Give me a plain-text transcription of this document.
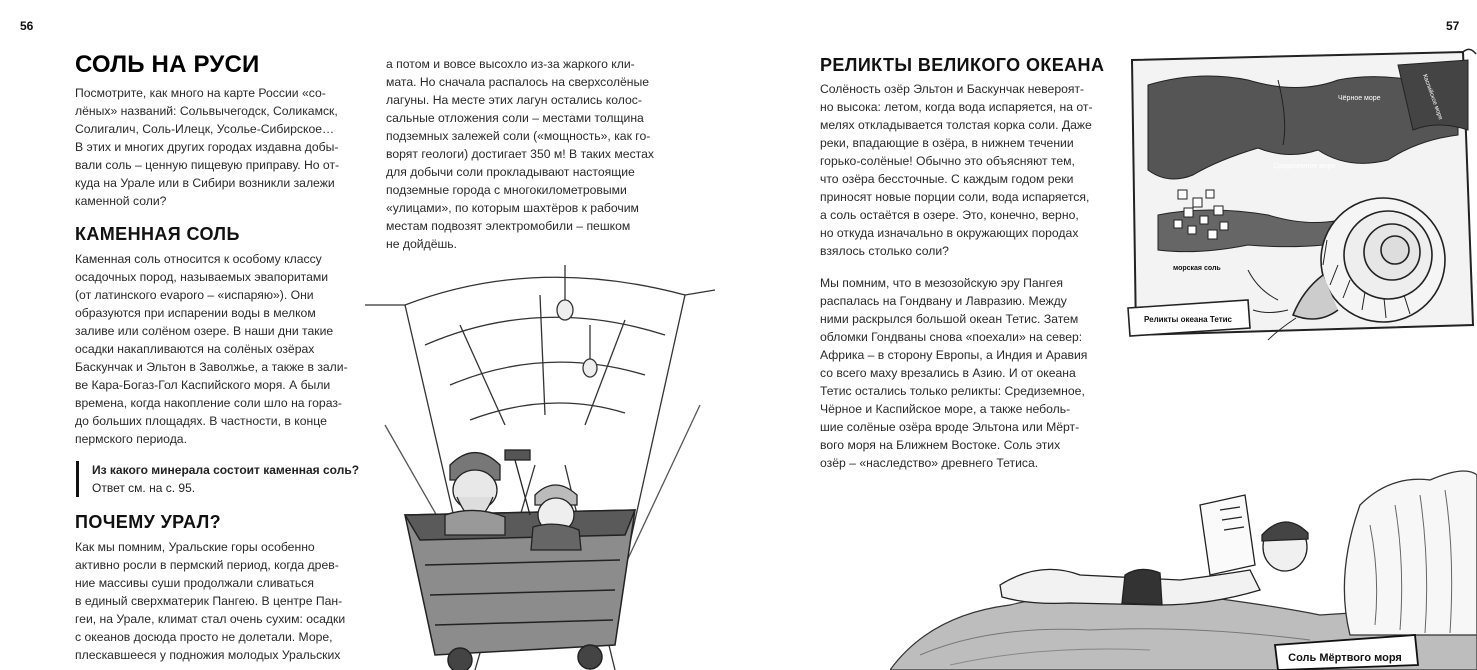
56	57
СОЛЬ НА РУСИ
Посмотрите, как много на карте России «со-
лёных» названий: Сольвычегодск, Соликамск,
Солигалич, Соль-Илецк, Усолье-Сибирское…
В этих и многих других городах издавна добы-
вали соль – ценную пищевую приправу. Но от-
куда на Урале или в Сибири возникли залежи
каменной соли?
КАМЕННАЯ СОЛЬ
Каменная соль относится к особому классу
осадочных пород, называемых эвапоритами
(от латинского evaporo – «испаряю»). Они
образуются при испарении воды в мелком
заливе или солёном озере. В наши дни такие
осадки накапливаются на солёных озёрах
Баскунчак и Эльтон в Заволжье, а также в зали-
ве Кара-Богаз-Гол Каспийского моря. А были
времена, когда накопление соли шло на гораз-
до больших площадях. В частности, в конце
пермского периода.
Из какого минерала состоит каменная соль?
Ответ см. на с. 95.
ПОЧЕМУ УРАЛ?
Как мы помним, Уральские горы особенно
активно росли в пермский период, когда древ-
ние массивы суши продолжали сливаться
в единый сверхматерик Пангею. В центре Пан-
геи, на Урале, климат стал очень сухим: осадки
с океанов досюда просто не долетали. Море,
плескавшееся у подножия молодых Уральских
а потом и вовсе высохло из-за жаркого кли-
мата. Но сначала распалось на сверхсолёные
лагуны. На месте этих лагун остались колос-
сальные отложения соли – местами толщина
подземных залежей соли («мощность», как го-
ворят геологи) достигает 350 м! В таких местах
для добычи соли прокладывают настоящие
подземные города с многокилометровыми
«улицами», по которым шахтёров к рабочим
местам подвозят электромобили – пешком
не дойдёшь.
РЕЛИКТЫ ВЕЛИКОГО ОКЕАНА
Солёность озёр Эльтон и Баскунчак невероят-
но высока: летом, когда вода испаряется, на от-
мелях откладывается толстая корка соли. Даже
реки, впадающие в озёра, в нижнем течении
горько-солёные! Обычно это объясняют тем,
что озёра бессточные. С каждым годом реки
приносят новые порции соли, вода испаряется,
а соль остаётся в озере. Это, конечно, верно,
но откуда изначально в окружающих породах
взялось столько соли?
Мы помним, что в мезозойскую эру Пангея
распалась на Гондвану и Лавразию. Между
ними раскрылся большой океан Тетис. Затем
обломки Гондваны снова «поехали» на север:
Африка – в сторону Европы, а Индия и Аравия
со всего маху врезались в Азию. И от океана
Тетис остались только реликты: Средиземное,
Чёрное и Каспийское море, а также неболь-
шие солёные озёра вроде Эльтона или Мёрт-
вого моря на Ближнем Востоке. Соль этих
озёр – «наследство» древнего Тетиса.
Реликты океана Тетис
Чёрное море
Средиземное море
Каспийское море
морская соль
Соль Мёртвого моря
